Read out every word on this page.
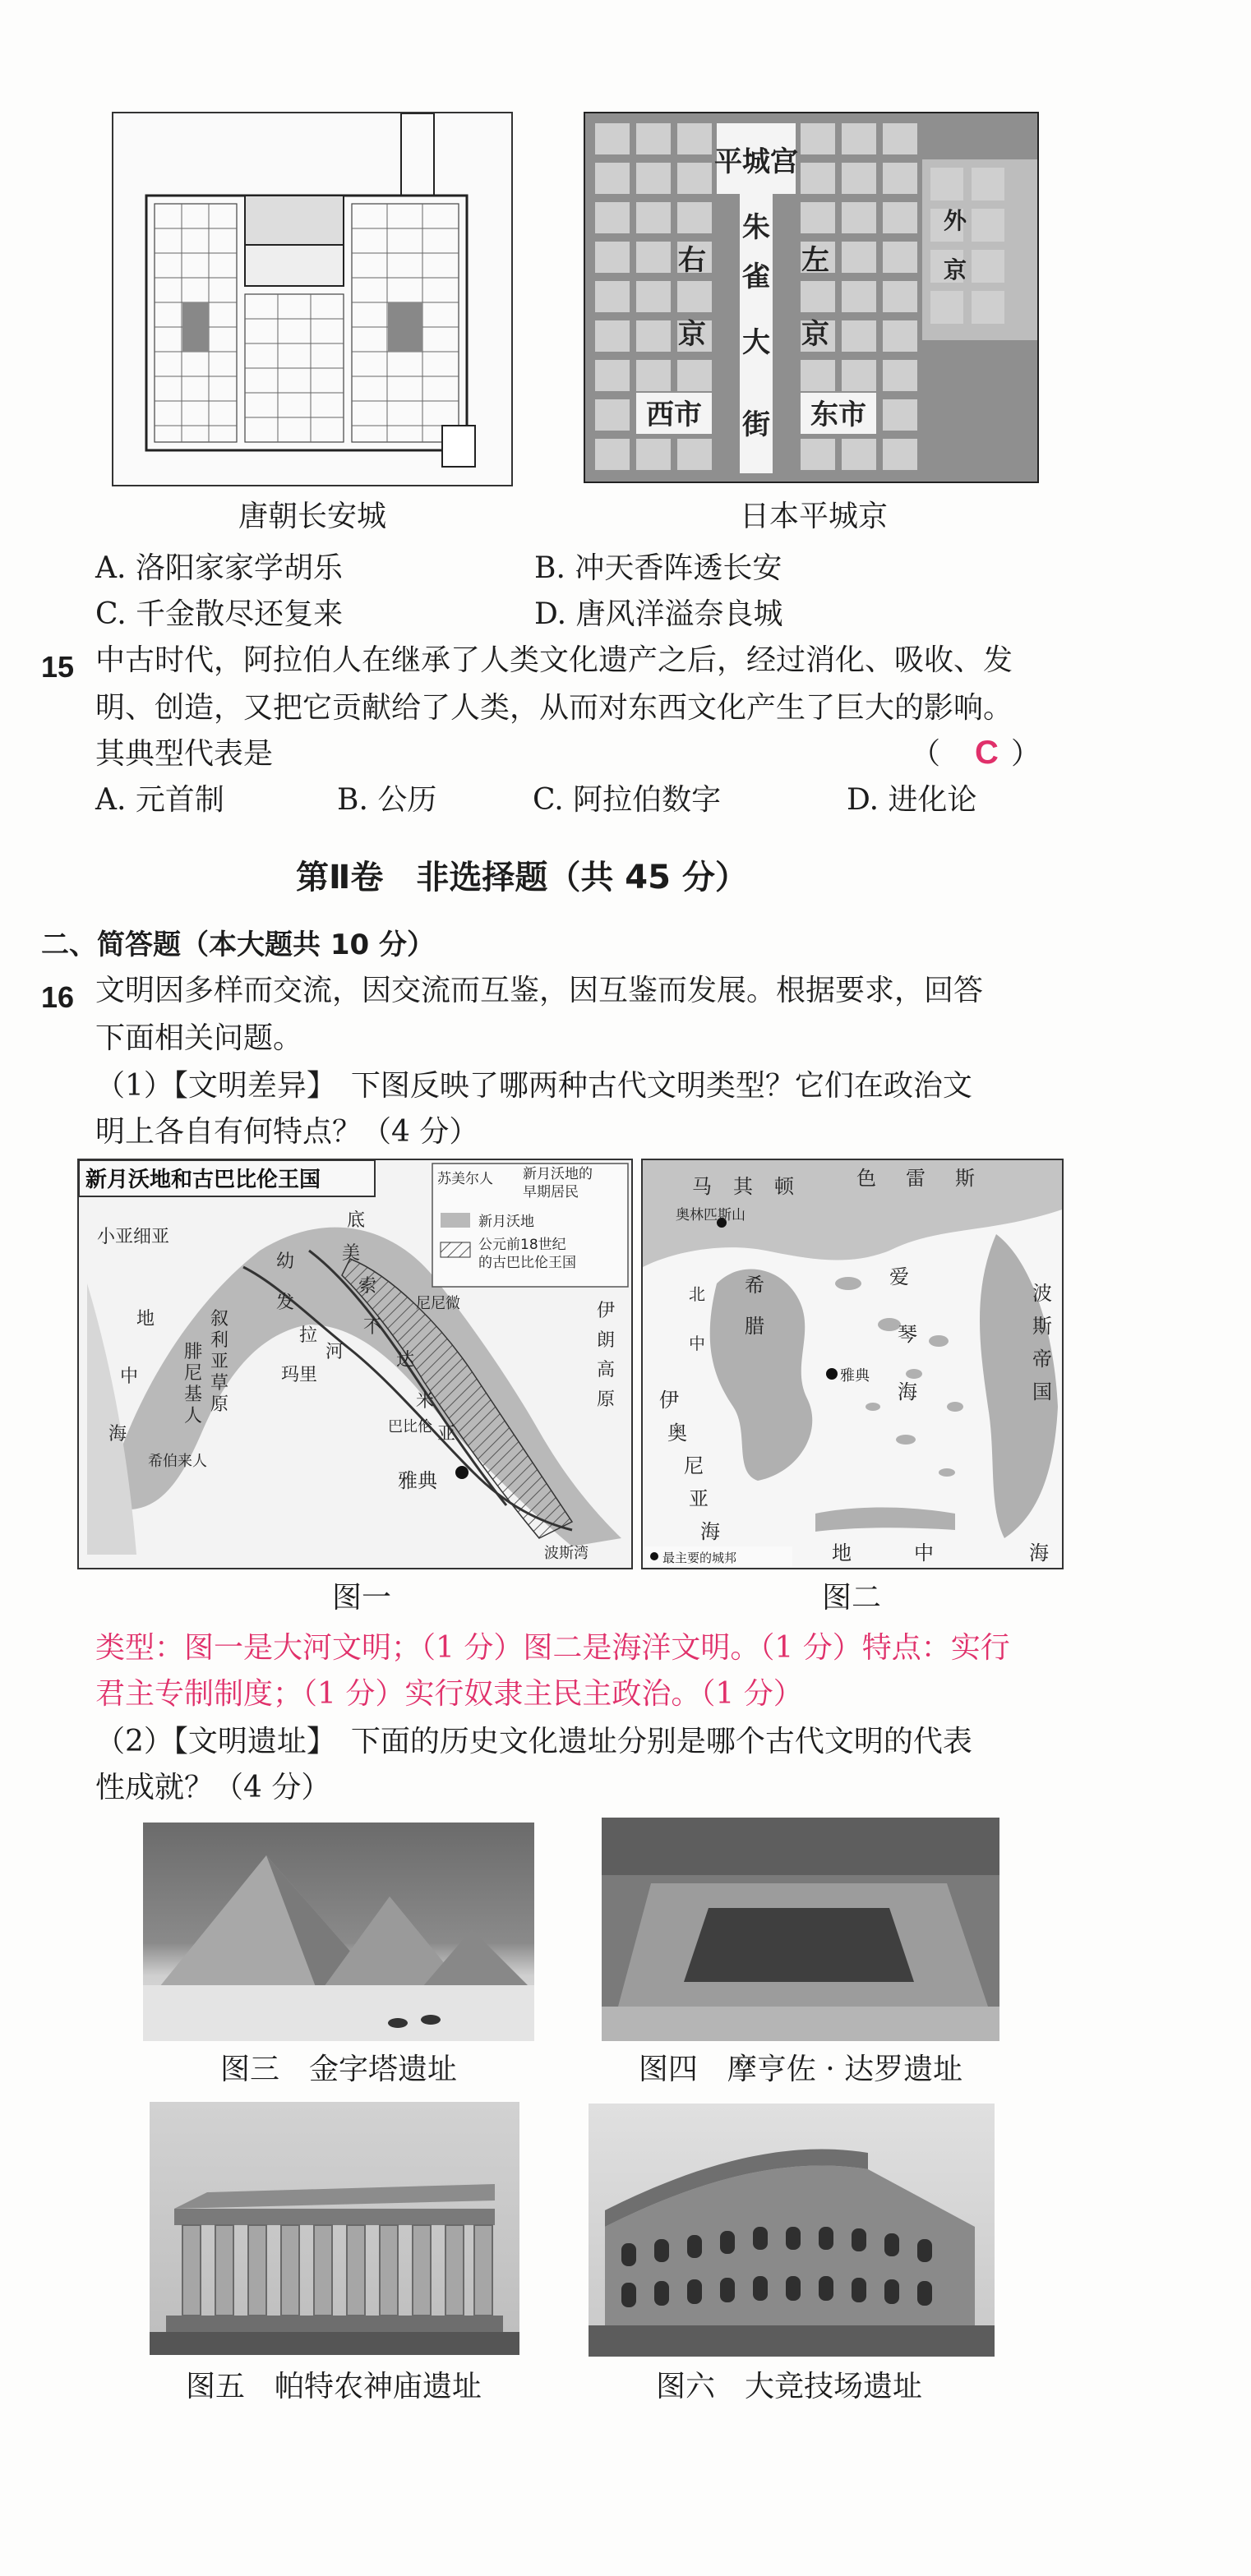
唐朝长安城
平城宫
朱
雀
大
街
右	左
京	京
西市	东市
外
京
日本平城京
A. 洛阳家家学胡乐	B. 冲天香阵透长安
C. 千金散尽还复来	D. 唐风洋溢奈良城
15 中古时代，阿拉伯人在继承了人类文化遗产之后，经过消化、吸收、发
明、创造，又把它贡献给了人类，从而对东西文化产生了巨大的影响。
其典型代表是	（ C ）
A. 元首制	B. 公历	C. 阿拉伯数字	D. 进化论
第Ⅱ卷　非选择题（共 45 分）
二、简答题（本大题共 10 分）
16 文明因多样而交流，因交流而互鉴，因互鉴而发展。根据要求，回答
下面相关问题。
（1）【文明差异】　下图反映了哪两种古代文明类型？它们在政治文
明上各自有何特点？（4 分）
新月沃地和古巴比伦王国	苏美尔人 新月沃地的
早期居民
新月沃地
公元前18世纪
的古巴比伦王国
小亚细亚
地
中
海
叙
利
亚
草
原
腓
尼
基
人
希伯来人
幼
发
拉
底
河
美
索
不
达
米
亚
玛里
尼尼微
巴比伦
伊
朗
高
原
雅典
波斯湾
图一
马 其 顿	色 雷 斯
奥林匹斯山
波
斯
帝
国
北 希
腊
中
爱
琴
海
伊
奥
尼
亚
海
雅典
最主要的城邦	地	中	海
图二
类型：图一是大河文明；（1 分）图二是海洋文明。（1 分）特点：实行
君主专制制度；（1 分）实行奴隶主民主政治。（1 分）
（2）【文明遗址】　下面的历史文化遗址分别是哪个古代文明的代表
性成就？（4 分）
图三　金字塔遗址	图四　摩亨佐 · 达罗遗址
图五　帕特农神庙遗址	图六　大竞技场遗址
